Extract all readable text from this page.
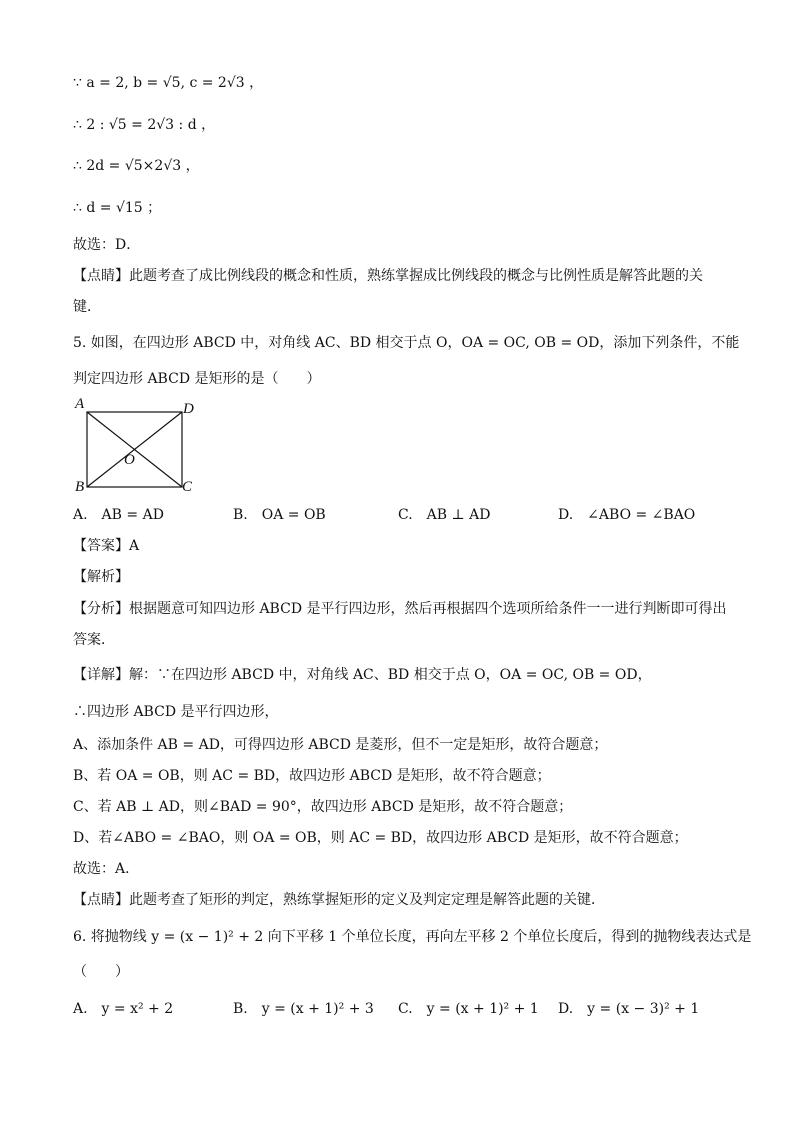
∵ a = 2, b = √5, c = 2√3 ，
∴ 2 : √5 = 2√3 : d ，
∴ 2d = √5×2√3 ，
∴ d = √15 ；
故选：D．
【点睛】此题考查了成比例线段的概念和性质，熟练掌握成比例线段的概念与比例性质是解答此题的关
键．
5. 如图，在四边形 ABCD 中，对角线 AC、BD 相交于点 O，OA = OC, OB = OD，添加下列条件，不能
判定四边形 ABCD 是矩形的是（　　）
A	D
O
B	C
A.　AB = AD	B.　OA = OB	C.　AB ⊥ AD	D.　∠ABO = ∠BAO
【答案】A
【解析】
【分析】根据题意可知四边形 ABCD 是平行四边形，然后再根据四个选项所给条件一一进行判断即可得出
答案．
【详解】解：∵在四边形 ABCD 中，对角线 AC、BD 相交于点 O，OA = OC, OB = OD，
∴四边形 ABCD 是平行四边形，
A、添加条件 AB = AD，可得四边形 ABCD 是菱形，但不一定是矩形，故符合题意；
B、若 OA = OB，则 AC = BD，故四边形 ABCD 是矩形，故不符合题意；
C、若 AB ⊥ AD，则∠BAD = 90°，故四边形 ABCD 是矩形，故不符合题意；
D、若∠ABO = ∠BAO，则 OA = OB，则 AC = BD，故四边形 ABCD 是矩形，故不符合题意；
故选：A．
【点睛】此题考查了矩形的判定，熟练掌握矩形的定义及判定定理是解答此题的关键．
6. 将抛物线 y = (x − 1)² + 2 向下平移 1 个单位长度，再向左平移 2 个单位长度后，得到的抛物线表达式是
（　　）
A.　y = x² + 2	B.　y = (x + 1)² + 3 C.　y = (x + 1)² + 1 D.　y = (x − 3)² + 1
